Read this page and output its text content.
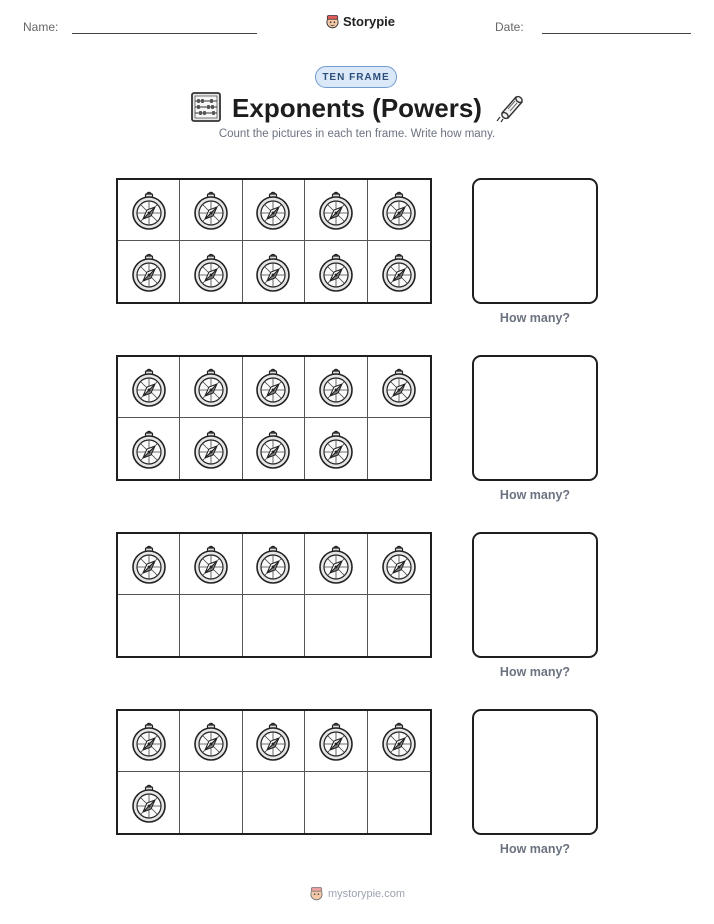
Name:	Storypie	Date:
TEN FRAME
Exponents (Powers)
Count the pictures in each ten frame. Write how many.
How many?
How many?
How many?
How many?
mystorypie.com
